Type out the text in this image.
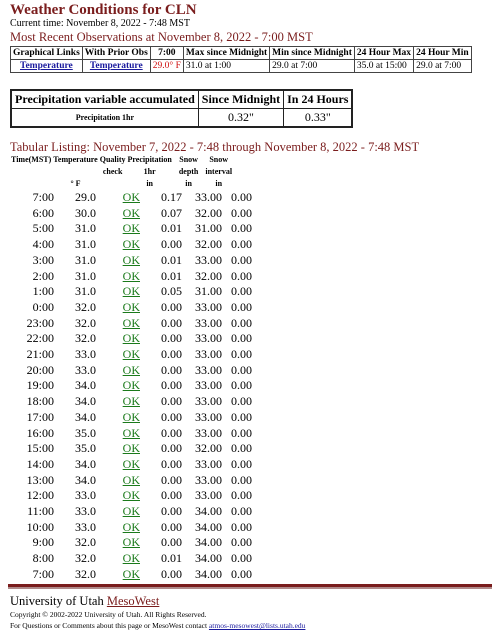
Weather Conditions for CLN
Current time: November 8, 2022 - 7:48 MST
Most Recent Observations at November 8, 2022 - 7:00 MST
Graphical Links	With Prior Obs	7:00	Max since Midnight	Min since Midnight	24 Hour Max	24 Hour Min
Temperature	Temperature	29.0° F	31.0 at 1:00	29.0 at 7:00	35.0 at 15:00	29.0 at 7:00
Precipitation variable accumulated	Since Midnight	In 24 Hours
Precipitation 1hr	0.32"	0.33"
Tabular Listing: November 7, 2022 - 7:48 through November 8, 2022 - 7:48 MST
Time(MST)	Temperature	Quality	Precipitation	Snow	Snow
		check	1hr	depth	interval
	° F		in	in	in
7:00	29.0	OK	0.17	33.00	0.00
6:00	30.0	OK	0.07	32.00	0.00
5:00	31.0	OK	0.01	31.00	0.00
4:00	31.0	OK	0.00	32.00	0.00
3:00	31.0	OK	0.01	33.00	0.00
2:00	31.0	OK	0.01	32.00	0.00
1:00	31.0	OK	0.05	31.00	0.00
0:00	32.0	OK	0.00	33.00	0.00
23:00	32.0	OK	0.00	33.00	0.00
22:00	32.0	OK	0.00	33.00	0.00
21:00	33.0	OK	0.00	33.00	0.00
20:00	33.0	OK	0.00	33.00	0.00
19:00	34.0	OK	0.00	33.00	0.00
18:00	34.0	OK	0.00	33.00	0.00
17:00	34.0	OK	0.00	33.00	0.00
16:00	35.0	OK	0.00	33.00	0.00
15:00	35.0	OK	0.00	32.00	0.00
14:00	34.0	OK	0.00	33.00	0.00
13:00	34.0	OK	0.00	33.00	0.00
12:00	33.0	OK	0.00	33.00	0.00
11:00	33.0	OK	0.00	34.00	0.00
10:00	33.0	OK	0.00	34.00	0.00
9:00	32.0	OK	0.00	34.00	0.00
8:00	32.0	OK	0.01	34.00	0.00
7:00	32.0	OK	0.00	34.00	0.00
University of Utah MesoWest
Copyright © 2002-2022 University of Utah. All Rights Reserved.
For Questions or Comments about this page or MesoWest contact atmos-mesowest@lists.utah.edu
